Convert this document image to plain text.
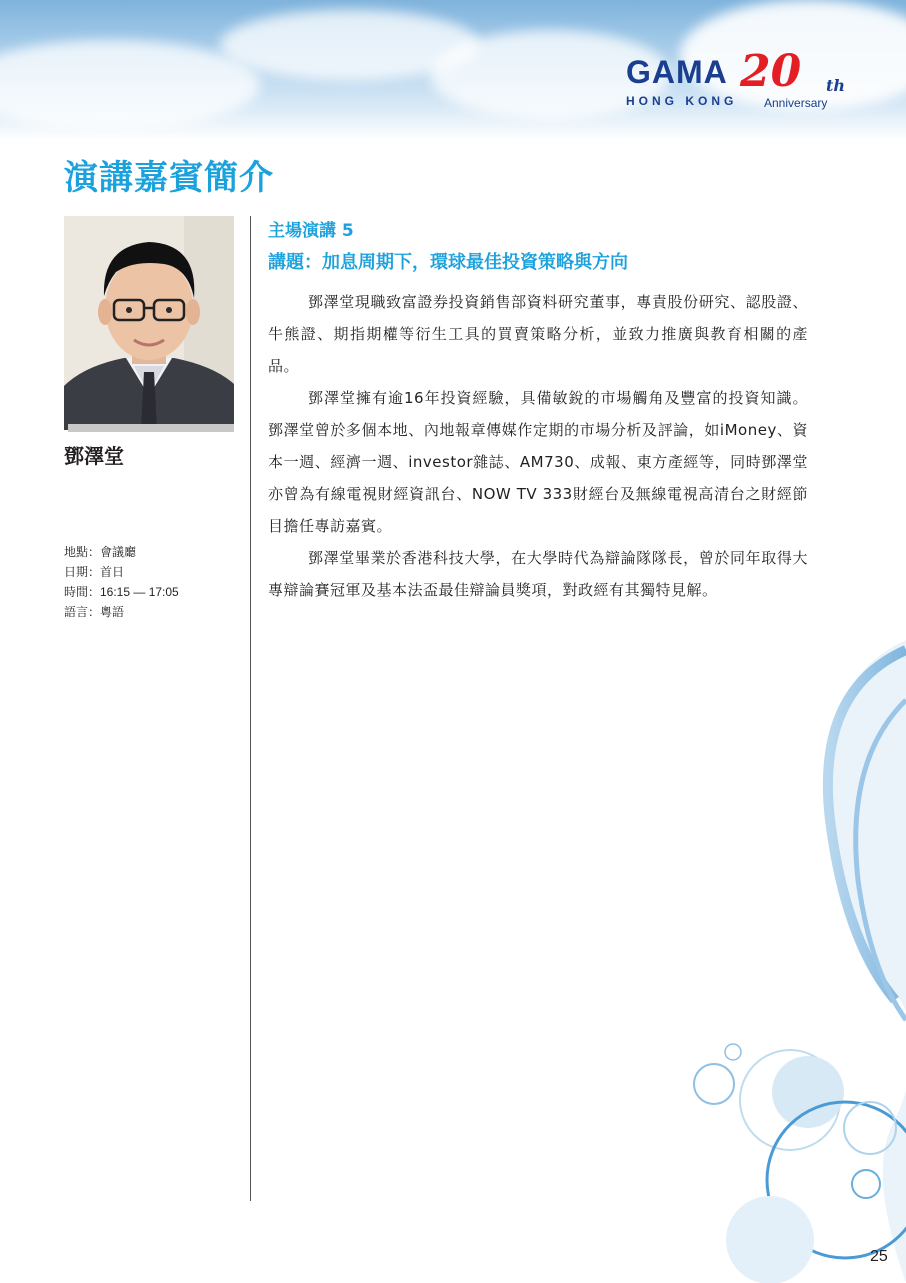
GAMA 20 th
HONG KONG Anniversary
演講嘉賓簡介
鄧澤堂
地點：會議廳
日期：首日
時間：16:15 — 17:05
語言：粵語
主場演講 5
講題：加息周期下，環球最佳投資策略與方向

鄧澤堂現職致富證券投資銷售部資料研究董事，專責股份研究、認股證、牛熊證、期指期權等衍生工具的買賣策略分析，並致力推廣與教育相關的產品。

鄧澤堂擁有逾16年投資經驗，具備敏銳的市場觸角及豐富的投資知識。鄧澤堂曾於多個本地、內地報章傳媒作定期的市場分析及評論，如iMoney、資本一週、經濟一週、investor雜誌、AM730、成報、東方產經等，同時鄧澤堂亦曾為有線電視財經資訊台、NOW TV 333財經台及無線電視高清台之財經節目擔任專訪嘉賓。

鄧澤堂畢業於香港科技大學，在大學時代為辯論隊隊長，曾於同年取得大專辯論賽冠軍及基本法盃最佳辯論員獎項，對政經有其獨特見解。

25
